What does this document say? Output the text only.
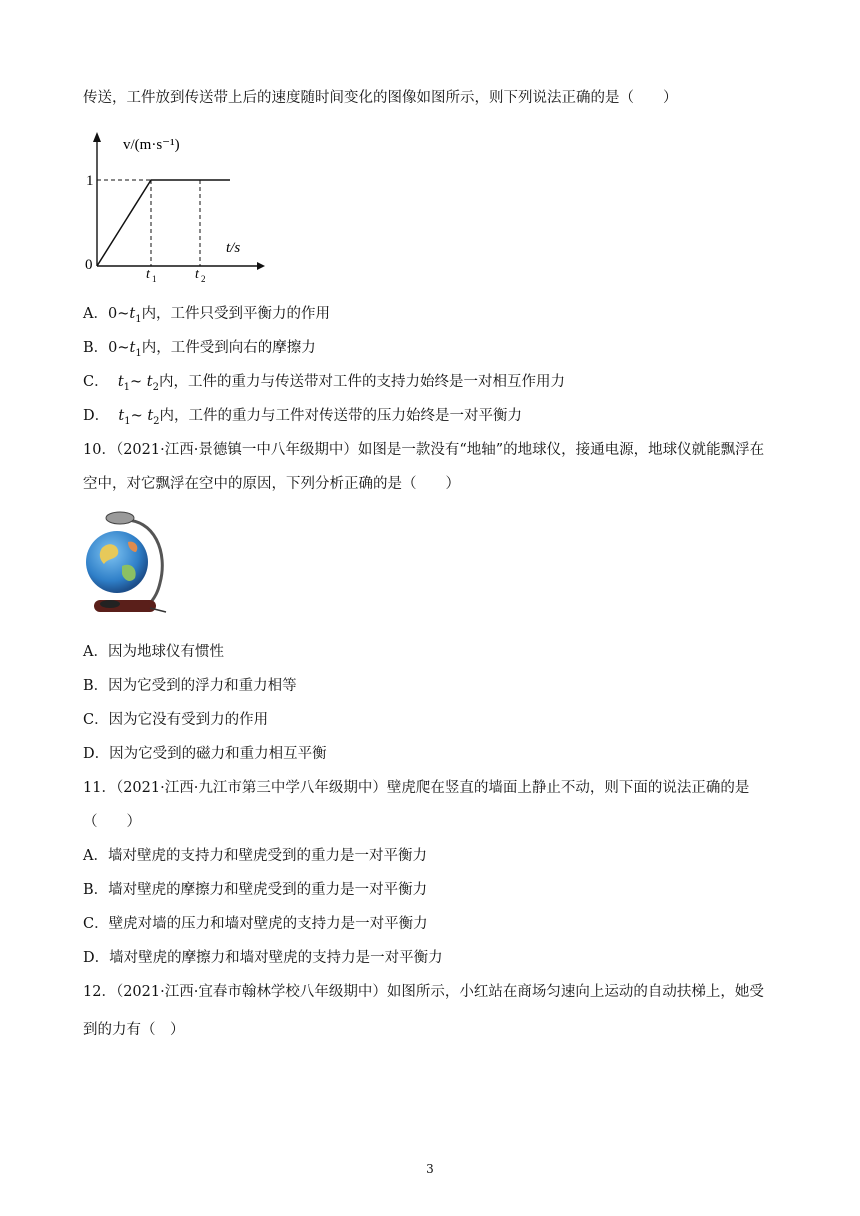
传送，工件放到传送带上后的速度随时间变化的图像如图所示，则下列说法正确的是（　　）
v/(m·s⁻¹)
t/s
0
1
t 1	t 2
A．$0\sim t_1$内，工件只受到平衡力的作用
B．$0\sim t_1$内，工件受到向右的摩擦力
C． $t_1\sim$ $t_2$内，工件的重力与传送带对工件的支持力始终是一对相互作用力
D． $t_1\sim$ $t_2$内，工件的重力与工件对传送带的压力始终是一对平衡力
10．（2021·江西·景德镇一中八年级期中）如图是一款没有“地轴”的地球仪，接通电源，地球仪就能飘浮在
空中，对它飘浮在空中的原因，下列分析正确的是（　　）
A．因为地球仪有惯性
B．因为它受到的浮力和重力相等
C．因为它没有受到力的作用
D．因为它受到的磁力和重力相互平衡
11．（2021·江西·九江市第三中学八年级期中）壁虎爬在竖直的墙面上静止不动，则下面的说法正确的是
（　　）
A．墙对壁虎的支持力和壁虎受到的重力是一对平衡力
B．墙对壁虎的摩擦力和壁虎受到的重力是一对平衡力
C．壁虎对墙的压力和墙对壁虎的支持力是一对平衡力
D．墙对壁虎的摩擦力和墙对壁虎的支持力是一对平衡力
12．（2021·江西·宜春市翰林学校八年级期中）如图所示，小红站在商场匀速向上运动的自动扶梯上，她受
到的力有（　）
3
